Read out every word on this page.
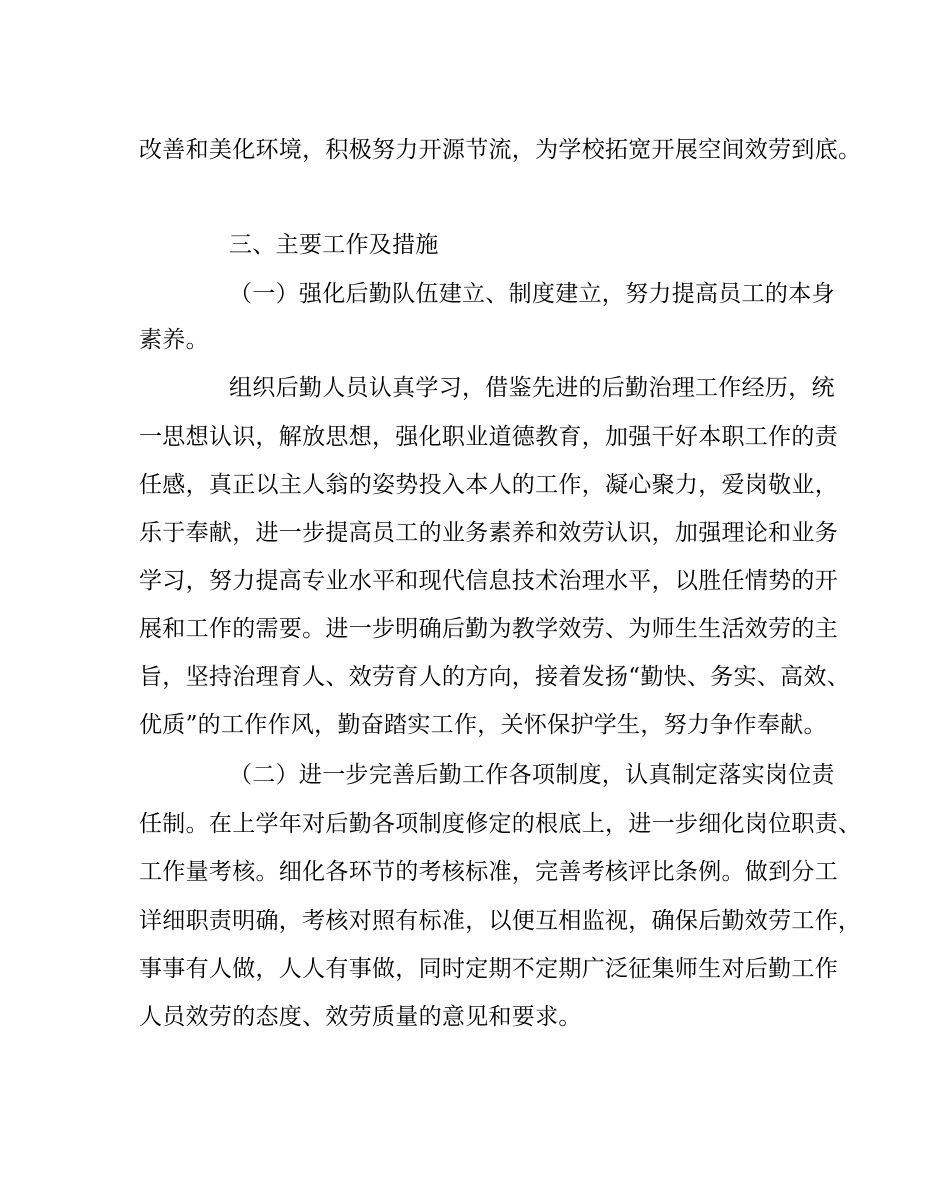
改善和美化环境，积极努力开源节流，为学校拓宽开展空间效劳到底。
三、主要工作及措施
（一）强化后勤队伍建立、制度建立，努力提高员工的本身
素养。
组织后勤人员认真学习，借鉴先进的后勤治理工作经历，统
一思想认识，解放思想，强化职业道德教育，加强干好本职工作的责
任感，真正以主人翁的姿势投入本人的工作，凝心聚力，爱岗敬业，
乐于奉献，进一步提高员工的业务素养和效劳认识，加强理论和业务
学习，努力提高专业水平和现代信息技术治理水平，以胜任情势的开
展和工作的需要。进一步明确后勤为教学效劳、为师生生活效劳的主
旨，坚持治理育人、效劳育人的方向，接着发扬“勤快、务实、高效、
优质”的工作作风，勤奋踏实工作，关怀保护学生，努力争作奉献。
（二）进一步完善后勤工作各项制度，认真制定落实岗位责
任制。在上学年对后勤各项制度修定的根底上，进一步细化岗位职责、
工作量考核。细化各环节的考核标准，完善考核评比条例。做到分工
详细职责明确，考核对照有标准，以便互相监视，确保后勤效劳工作，
事事有人做，人人有事做，同时定期不定期广泛征集师生对后勤工作
人员效劳的态度、效劳质量的意见和要求。
